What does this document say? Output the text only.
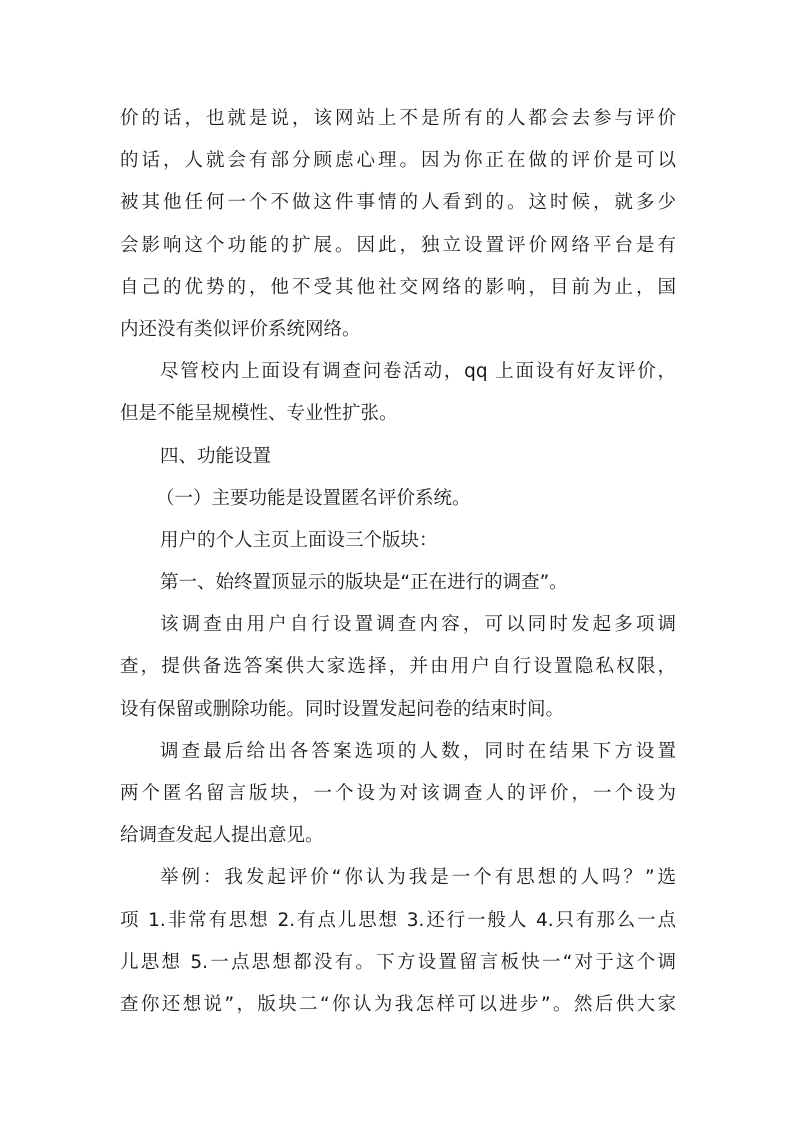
价的话，也就是说，该网站上不是所有的人都会去参与评价
的话，人就会有部分顾虑心理。因为你正在做的评价是可以
被其他任何一个不做这件事情的人看到的。这时候，就多少
会影响这个功能的扩展。因此，独立设置评价网络平台是有
自己的优势的，他不受其他社交网络的影响，目前为止，国
内还没有类似评价系统网络。
尽管校内上面设有调查问卷活动，qq 上面设有好友评价，
但是不能呈规模性、专业性扩张。
四、功能设置
（一）主要功能是设置匿名评价系统。
用户的个人主页上面设三个版块：
第一、始终置顶显示的版块是“正在进行的调查”。
该调查由用户自行设置调查内容，可以同时发起多项调
查，提供备选答案供大家选择，并由用户自行设置隐私权限，
设有保留或删除功能。同时设置发起问卷的结束时间。
调查最后给出各答案选项的人数，同时在结果下方设置
两个匿名留言版块，一个设为对该调查人的评价，一个设为
给调查发起人提出意见。
举例：我发起评价“你认为我是一个有思想的人吗？”选
项 1.非常有思想 2.有点儿思想 3.还行一般人 4.只有那么一点
儿思想 5.一点思想都没有。下方设置留言板快一“对于这个调
查你还想说”，版块二“你认为我怎样可以进步”。然后供大家
